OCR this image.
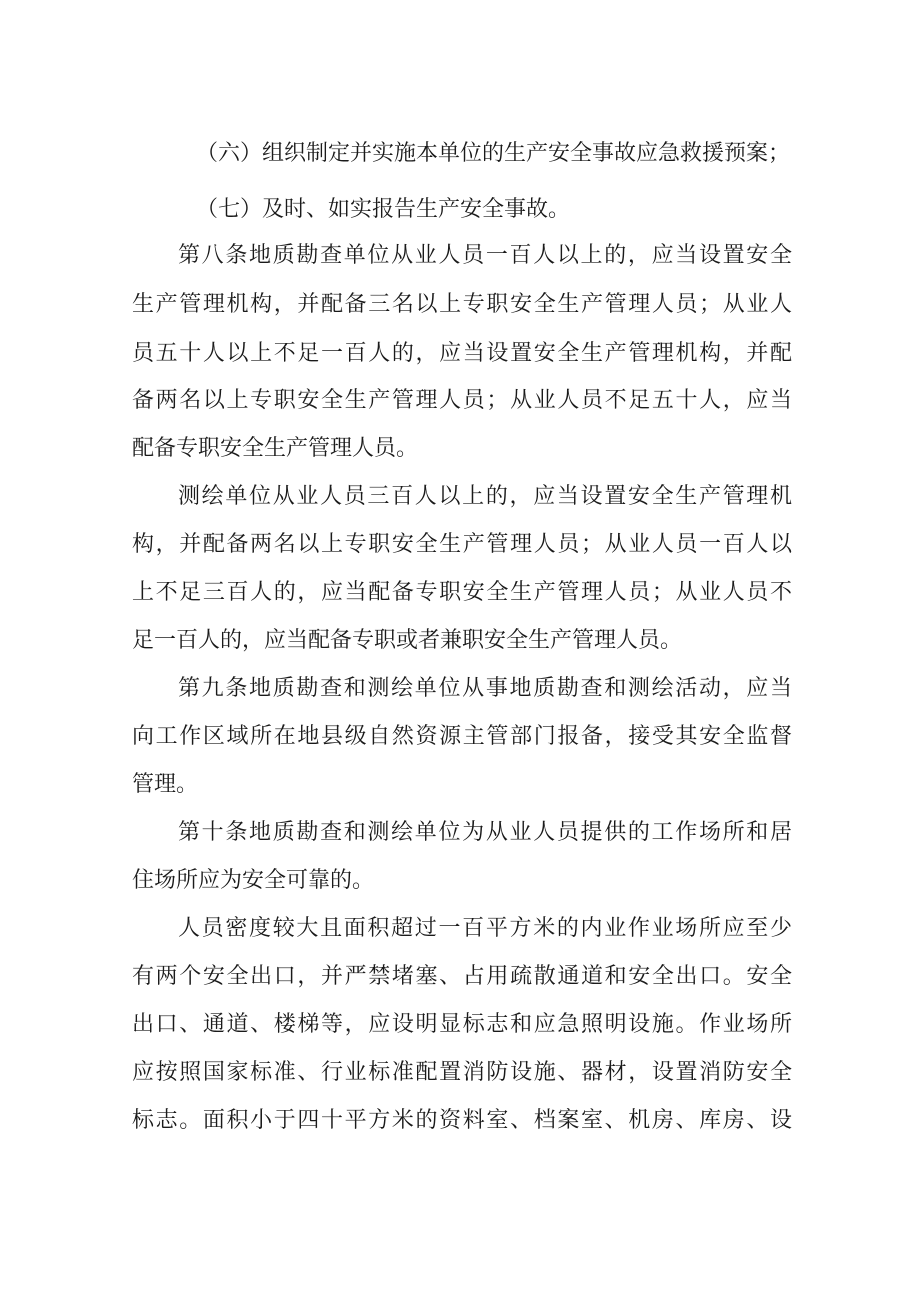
（六）组织制定并实施本单位的生产安全事故应急救援预案；
（七）及时、如实报告生产安全事故。
第八条地质勘查单位从业人员一百人以上的，应当设置安全
生产管理机构，并配备三名以上专职安全生产管理人员；从业人
员五十人以上不足一百人的，应当设置安全生产管理机构，并配
备两名以上专职安全生产管理人员；从业人员不足五十人，应当
配备专职安全生产管理人员。
测绘单位从业人员三百人以上的，应当设置安全生产管理机
构，并配备两名以上专职安全生产管理人员；从业人员一百人以
上不足三百人的，应当配备专职安全生产管理人员；从业人员不
足一百人的，应当配备专职或者兼职安全生产管理人员。
第九条地质勘查和测绘单位从事地质勘查和测绘活动，应当
向工作区域所在地县级自然资源主管部门报备，接受其安全监督
管理。
第十条地质勘查和测绘单位为从业人员提供的工作场所和居
住场所应为安全可靠的。
人员密度较大且面积超过一百平方米的内业作业场所应至少
有两个安全出口，并严禁堵塞、占用疏散通道和安全出口。安全
出口、通道、楼梯等，应设明显标志和应急照明设施。作业场所
应按照国家标准、行业标准配置消防设施、器材，设置消防安全
标志。面积小于四十平方米的资料室、档案室、机房、库房、设
